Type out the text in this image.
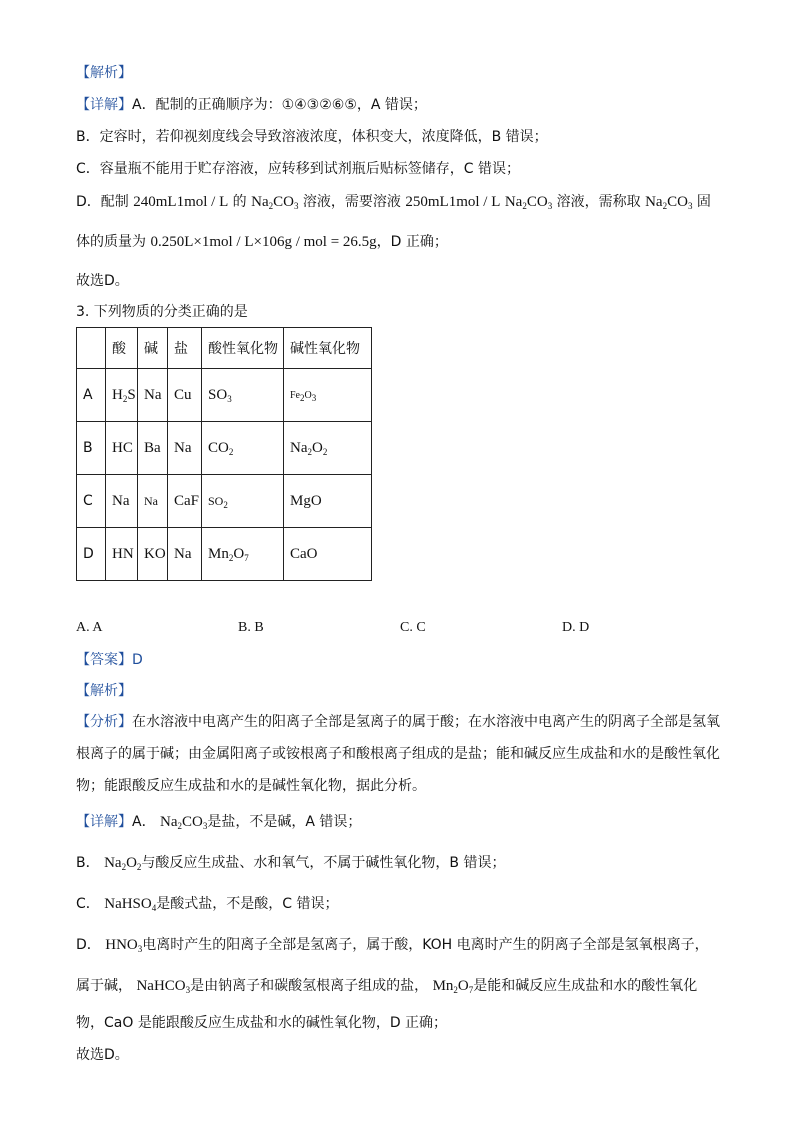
【解析】
【详解】A．配制的正确顺序为：①④③②⑥⑤，A 错误；
B．定容时，若仰视刻度线会导致溶液浓度，体积变大，浓度降低，B 错误；
C．容量瓶不能用于贮存溶液，应转移到试剂瓶后贴标签储存，C 错误；
D．配制 240mL1mol / L 的 $Na_2CO_3$ 溶液，需要溶液 250mL1mol / L $Na_2CO_3$ 溶液，需称取 $Na_2CO_3$ 固
体的质量为 0.250L×1mol / L×106g / mol = 26.5g，D 正确；
故选D。
3. 下列物质的分类正确的是
	酸	碱	盐	酸性氧化物	碱性氧化物
A	$H_2S$	Na	Cu	$SO_3$	$Fe_2O_3$

B	HC	Ba	Na	$CO_2$	$Na_2O_2$

C	Na	Na	CaF	$SO_2$	MgO

D	HN	KO	Na	$Mn_2O_7$	CaO
A. A	B. B	C. C	D. D
【答案】D
【解析】
【分析】在水溶液中电离产生的阳离子全部是氢离子的属于酸；在水溶液中电离产生的阴离子全部是氢氧
根离子的属于碱；由金属阳离子或铵根离子和酸根离子组成的是盐；能和碱反应生成盐和水的是酸性氧化
物；能跟酸反应生成盐和水的是碱性氧化物，据此分析。
【详解】A． $Na_2CO_3$是盐，不是碱，A 错误；
B． $Na_2O_2$与酸反应生成盐、水和氧气，不属于碱性氧化物，B 错误；
C． NaHSO$_4$是酸式盐，不是酸，C 错误；
D． $HNO_3$电离时产生的阳离子全部是氢离子，属于酸，KOH 电离时产生的阴离子全部是氢氧根离子，
属于碱， NaHCO$_3$是由钠离子和碳酸氢根离子组成的盐， $Mn_2O_7$是能和碱反应生成盐和水的酸性氧化
物，CaO 是能跟酸反应生成盐和水的碱性氧化物，D 正确；
故选D。
